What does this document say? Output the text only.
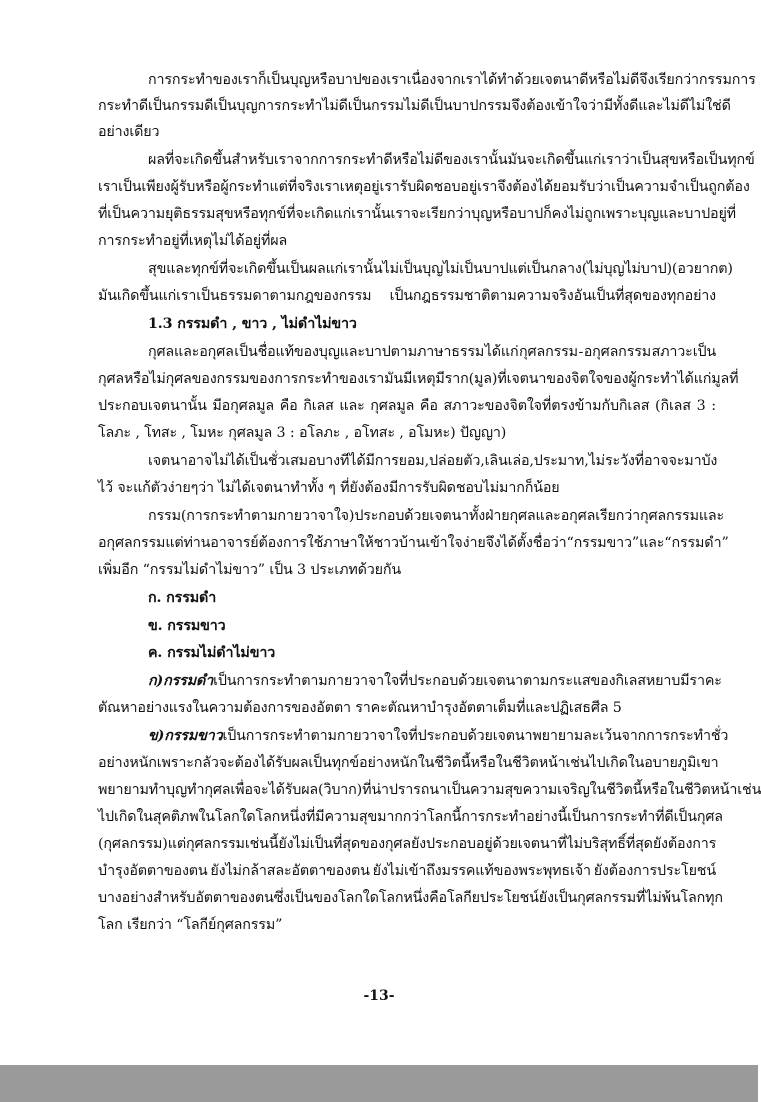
การกระทำของเราก็เป็นบุญหรือบาปของเราเนื่องจากเราได้ทำด้วยเจตนาดีหรือไม่ดีจึงเรียกว่ากรรม การ
กระทำดี เป็นกรรมดีเป็นบุญ การกระทำไม่ดีเป็นกรรมไม่ดีเป็นบาป กรรมจึงต้องเข้าใจว่ามีทั้งดีและไม่ดี ไม่ใช่ดี
อย่างเดียว
ผลที่จะเกิดขึ้นสำหรับเราจากการกระทำดีหรือไม่ดีของเรานั้นมันจะเกิดขึ้นแก่เราว่าเป็นสุขหรือเป็นทุกข์
เราเป็นเพียงผู้รับหรือผู้กระทำ แต่ที่จริงเราเหตุอยู่เรารับผิดชอบอยู่ เราจึงต้องได้ยอมรับว่าเป็นความจำเป็นถูกต้อง
ที่เป็นความยุติธรรม สุขหรือทุกข์ที่จะเกิดแก่เรานั้น เราจะเรียกว่าบุญหรือบาปก็คงไม่ถูก เพราะบุญและบาป อยู่ที่
การกระทำอยู่ที่เหตุไม่ได้อยู่ที่ผล
สุขและทุกข์ที่จะเกิดขึ้นเป็นผลแก่เรานั้น ไม่เป็นบุญ ไม่เป็นบาป แต่เป็นกลาง (ไม่บุญไม่บาป) (อวยากต)
มันเกิดขึ้นแก่เราเป็นธรรมดาตามกฎของกรรม เป็นกฎธรรมชาติตามความจริงอันเป็นที่สุดของทุกอย่าง
1.3 กรรมดำ , ขาว , ไม่ดำไม่ขาว
กุศลและอกุศล เป็นชื่อแท้ของบุญและบาปตามภาษาธรรม ได้แก่ กุศลกรรม - อกุศลกรรม สภาวะเป็น
กุศลหรือไม่กุศลของกรรม ของการกระทำของเรามันมีเหตุมีราก (มูล) ที่เจตนาของจิตใจของผู้กระทำ ได้แก่ มูลที่
ประกอบเจตนานั้น มีอกุศลมูล คือ กิเลส และ กุศลมูล คือ สภาวะของจิตใจที่ตรงข้ามกับกิเลส (กิเลส 3 :
โลภะ , โทสะ , โมหะ กุศลมูล 3 : อโลภะ , อโทสะ , อโมหะ) ปัญญา)
เจตนาอาจไม่ได้เป็นชั่วเสมอ บางทีได้มีการยอม , ปล่อยตัว , เลินเล่อ , ประมาท , ไม่ระวัง ที่อาจจะมาบัง
ไว้ จะแก้ตัวง่ายๆว่า ไม่ได้เจตนาทำทั้ง ๆ ที่ยังต้องมีการรับผิดชอบไม่มากก็น้อย
กรรม (การกระทำตามกาย วาจา ใจ ) ประกอบด้วยเจตนา ทั้งฝ่ายกุศลและอกุศล เรียกว่า กุศลกรรมและ
อกุศลกรรม แต่ท่านอาจารย์ต้องการใช้ภาษาให้ชาวบ้านเข้าใจง่าย จึงได้ตั้งชื่อว่า “กรรมขาว” และ “กรรมดำ”
เพิ่มอีก “กรรมไม่ดำไม่ขาว” เป็น 3 ประเภทด้วยกัน
ก. กรรมดำ
ข. กรรมขาว
ค. กรรมไม่ดำไม่ขาว
ก) กรรมดำ เป็นการกระทำตามกาย วาจา ใจ ที่ประกอบด้วยเจตนาตามกระแสของกิเลสหยาบ มีราคะ
ตัณหาอย่างแรงในความต้องการของอัตตา ราคะตัณหาบำรุงอัตตาเต็มที่และปฏิเสธศีล 5
ข) กรรมขาว เป็นการกระทำตามกาย วาจา ใจ ที่ประกอบด้วยเจตนาพยายามละเว้นจากการกระทำชั่ว
อย่างหนัก เพราะกลัวจะต้องได้รับผลเป็นทุกข์อย่างหนักในชีวิตนี้หรือในชีวิตหน้า เช่น ไปเกิดในอบายภูมิ เขา
พยายามทำบุญทำกุศลเพื่อจะได้รับผล(วิบาก)ที่น่าปรารถนาเป็นความสุขความเจริญในชีวิตนี้หรือในชีวิตหน้า เช่น
ไปเกิดในสุคติภพในโลกใดโลกหนึ่งที่มีความสุขมากกว่าโลกนี้ การกระทำอย่างนี้ เป็นการกระทำที่ดี เป็นกุศล
(กุศลกรรม) แต่กุศลกรรมเช่นนี้ยังไม่เป็นที่สุดของกุศล ยังประกอบอยู่ด้วยเจตนาที่ไม่บริสุทธิ์ที่สุด ยังต้องการ
บำรุงอัตตาของตน ยังไม่กล้าสละอัตตาของตน ยังไม่เข้าถึงมรรคแท้ของพระพุทธเจ้า ยังต้องการประโยชน์
บางอย่างสำหรับอัตตาของตน ซึ่งเป็นของโลกใดโลกหนึ่ง คือ โลกียประโยชน์ ยังเป็นกุศลกรรมที่ไม่พ้นโลกทุก
โลก เรียกว่า “โลกีย์กุศลกรรม”
-13-
